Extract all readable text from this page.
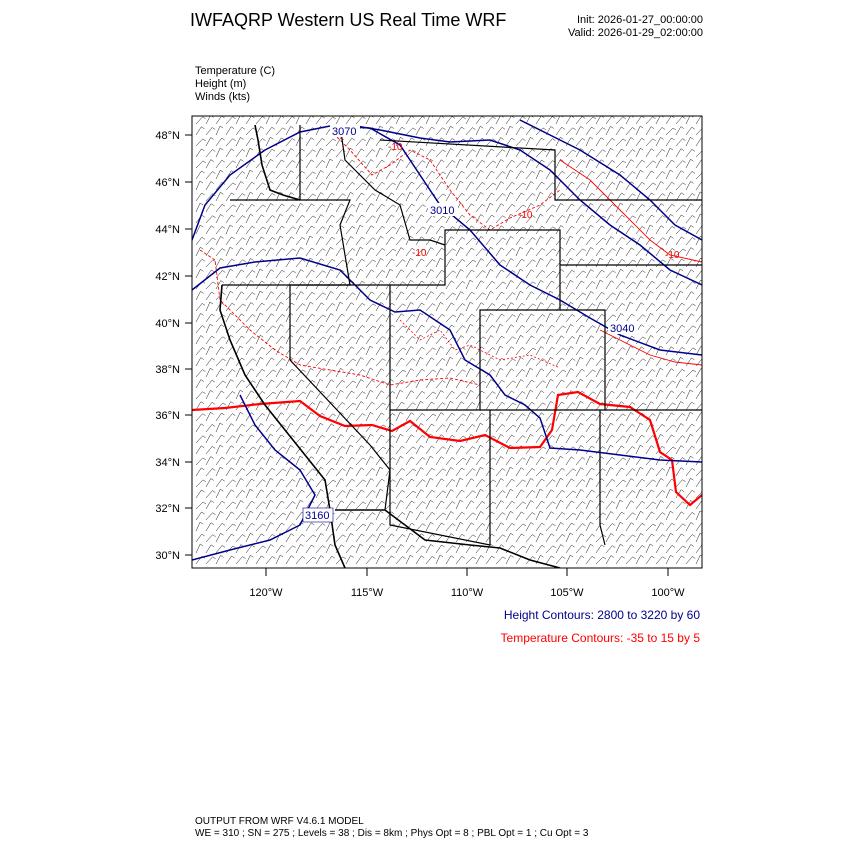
IWFAQRP Western US Real Time WRF	Init: 2026-01-27_00:00:00
Valid: 2026-01-29_02:00:00
Temperature (C)
Height (m)
Winds (kts)
48°N
46°N
44°N
42°N
40°N
38°N
36°N
34°N
32°N
30°N
120°W	115°W	110°W	105°W	100°W
3070
3010
3040
3160
-10
-10
-10	-10
Height Contours: 2800 to 3220 by 60
Temperature Contours: -35 to 15 by 5
OUTPUT FROM WRF V4.6.1 MODEL
WE = 310 ; SN = 275 ; Levels = 38 ; Dis = 8km ; Phys Opt = 8 ; PBL Opt = 1 ; Cu Opt = 3
